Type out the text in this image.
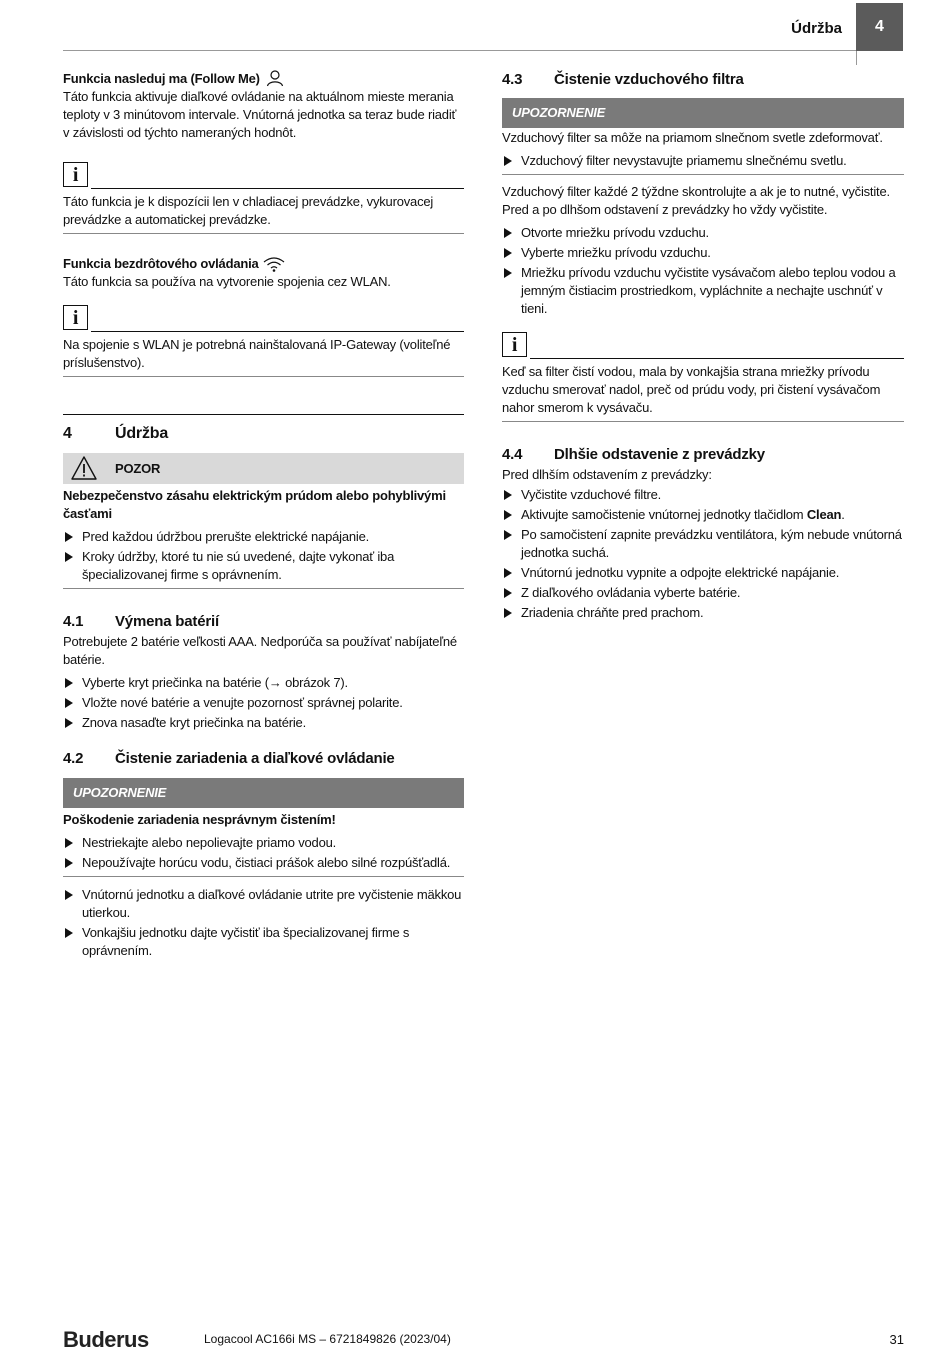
Údržba	4

Funkcia nasleduj ma (Follow Me)

Táto funkcia aktivuje diaľkové ovládanie na aktuálnom mieste merania teploty v 3 minútovom intervale. Vnútorná jednotka sa teraz bude riadiť v závislosti od týchto nameraných hodnôt.

i

Táto funkcia je k dispozícii len v chladiacej prevádzke, vykurovacej prevádzke a automatickej prevádzke.

Funkcia bezdrôtového ovládania

Táto funkcia sa používa na vytvorenie spojenia cez WLAN.

i

Na spojenie s WLAN je potrebná nainštalovaná IP-Gateway (voliteľné príslušenstvo).

4	Údržba
POZOR

Nebezpečenstvo zásahu elektrickým prúdom alebo pohyblivými časťami

Pred každou údržbou prerušte elektrické napájanie.

Kroky údržby, ktoré tu nie sú uvedené, dajte vykonať iba špecializovanej firme s oprávnením.

4.1 Výmena batérií

Potrebujete 2 batérie veľkosti AAA. Nedporúča sa používať nabíjateľné batérie.

Vyberte kryt priečinka na batérie (→ obrázok 7).

Vložte nové batérie a venujte pozornosť správnej polarite.

Znova nasaďte kryt priečinka na batérie.

4.2 Čistenie zariadenia a diaľkové ovládanie
UPOZORNENIE

Poškodenie zariadenia nesprávnym čistením!

Nestriekajte alebo nepolievajte priamo vodou.

Nepoužívajte horúcu vodu, čistiaci prášok alebo silné rozpúšťadlá.

Vnútornú jednotku a diaľkové ovládanie utrite pre vyčistenie mäkkou utierkou.

Vonkajšiu jednotku dajte vyčistiť iba špecializovanej firme s oprávnením.

4.3 Čistenie vzduchového filtra
UPOZORNENIE

Vzduchový filter sa môže na priamom slnečnom svetle zdeformovať.

Vzduchový filter nevystavujte priamemu slnečnému svetlu.

Vzduchový filter každé 2 týždne skontrolujte a ak je to nutné, vyčistite. Pred a po dlhšom odstavení z prevádzky ho vždy vyčistite.

Otvorte mriežku prívodu vzduchu.

Vyberte mriežku prívodu vzduchu.

Mriežku prívodu vzduchu vyčistite vysávačom alebo teplou vodou a jemným čistiacim prostriedkom, vypláchnite a nechajte uschnúť v tieni.

i

Keď sa filter čistí vodou, mala by vonkajšia strana mriežky prívodu vzduchu smerovať nadol, preč od prúdu vody, pri čistení vysávačom nahor smerom k vysávaču.

4.4 Dlhšie odstavenie z prevádzky

Pred dlhším odstavením z prevádzky:

Vyčistite vzduchové filtre.

Aktivujte samočistenie vnútornej jednotky tlačidlom Clean.

Po samočistení zapnite prevádzku ventilátora, kým nebude vnútorná jednotka suchá.

Vnútornú jednotku vypnite a odpojte elektrické napájanie.

Z diaľkového ovládania vyberte batérie.

Zriadenia chráňte pred prachom.

Buderus	Logacool AC166i MS – 6721849826 (2023/04)	31
